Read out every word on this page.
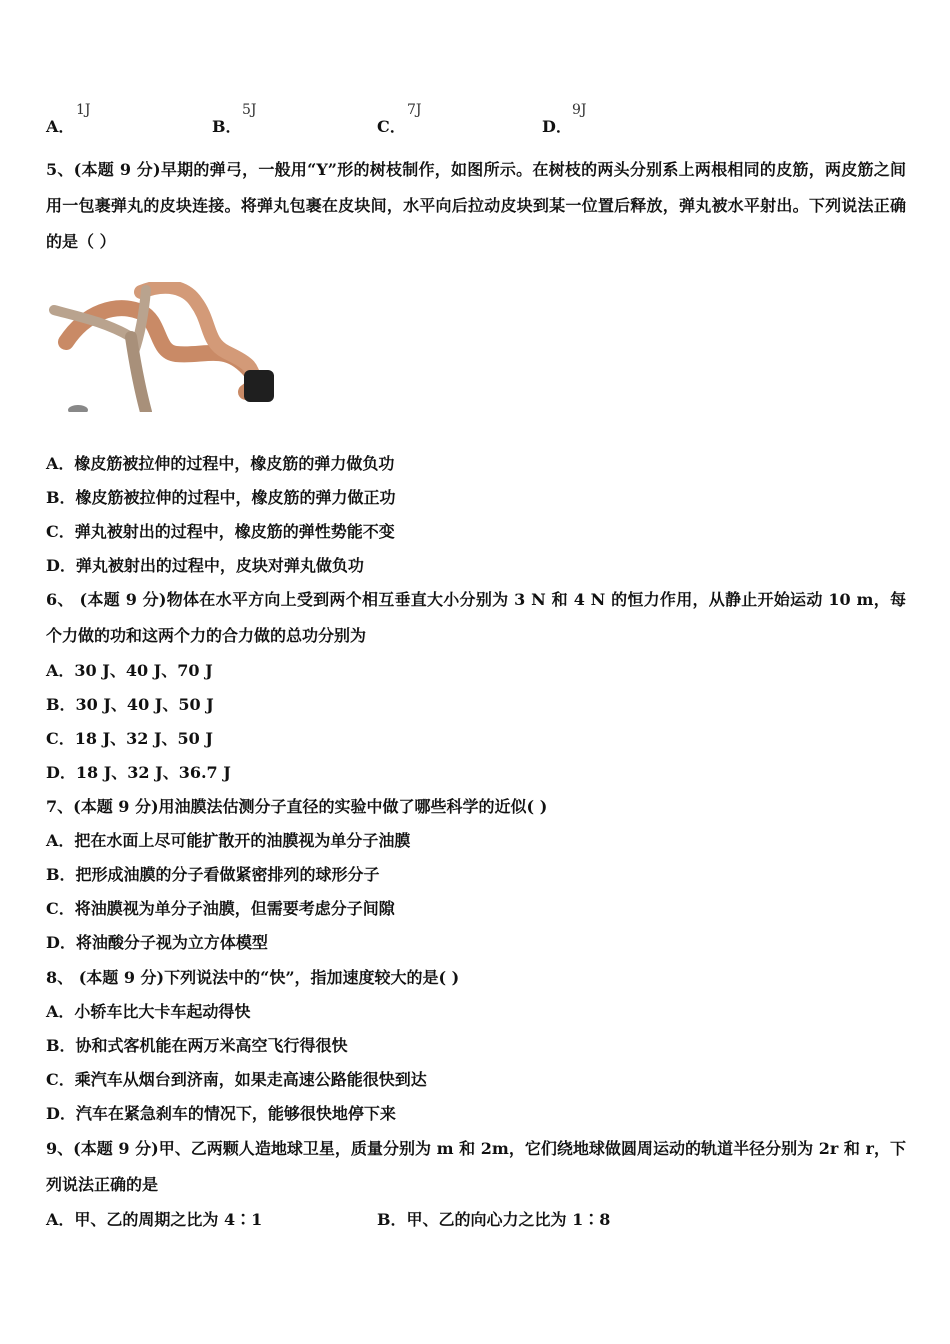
A．
1J
B．
5J
C．
7J
D．
9J
5、(本题 9 分)早期的弹弓，一般用“Y”形的树枝制作，如图所示。在树枝的两头分别系上两根相同的皮筋，两皮筋之间用一包裹弹丸的皮块连接。将弹丸包裹在皮块间，水平向后拉动皮块到某一位置后释放，弹丸被水平射出。下列说法正确的是（ ）
A．橡皮筋被拉伸的过程中，橡皮筋的弹力做负功
B．橡皮筋被拉伸的过程中，橡皮筋的弹力做正功
C．弹丸被射出的过程中，橡皮筋的弹性势能不变
D．弹丸被射出的过程中，皮块对弹丸做负功
6、 (本题 9 分)物体在水平方向上受到两个相互垂直大小分别为 3 N 和 4 N 的恒力作用，从静止开始运动 10 m，每个力做的功和这两个力的合力做的总功分别为
A．30 J、40 J、70 J
B．30 J、40 J、50 J
C．18 J、32 J、50 J
D．18 J、32 J、36.7 J
7、(本题 9 分)用油膜法估测分子直径的实验中做了哪些科学的近似( )
A．把在水面上尽可能扩散开的油膜视为单分子油膜
B．把形成油膜的分子看做紧密排列的球形分子
C．将油膜视为单分子油膜，但需要考虑分子间隙
D．将油酸分子视为立方体模型
8、 (本题 9 分)下列说法中的“快”，指加速度较大的是( )
A．小轿车比大卡车起动得快
B．协和式客机能在两万米高空飞行得很快
C．乘汽车从烟台到济南，如果走高速公路能很快到达
D．汽车在紧急刹车的情况下，能够很快地停下来
9、(本题 9 分)甲、乙两颗人造地球卫星，质量分别为 m 和 2m，它们绕地球做圆周运动的轨道半径分别为 2r 和 r，下列说法正确的是
A．甲、乙的周期之比为 4∶1	B．甲、乙的向心力之比为 1∶8
